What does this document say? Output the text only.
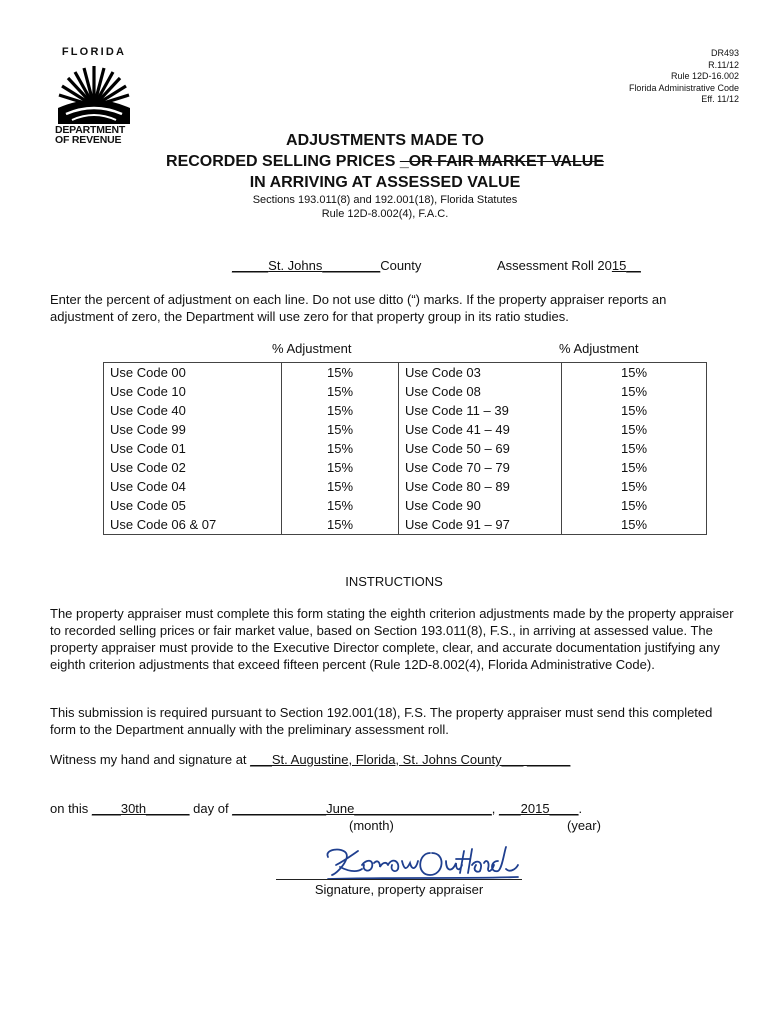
FLORIDA
DEPARTMENT
OF REVENUE
DR493
R.11/12
Rule 12D-16.002
Florida Administrative Code
Eff. 11/12
ADJUSTMENTS MADE TO
RECORDED SELLING PRICES _OR FAIR MARKET VALUE
IN ARRIVING AT ASSESSED VALUE
Sections 193.011(8) and 192.001(18), Florida Statutes
Rule 12D-8.002(4), F.A.C.
_____St. Johns________County	Assessment Roll 2015__
Enter the percent of adjustment on each line. Do not use ditto (“) marks. If the property appraiser reports an adjustment of zero, the Department will use zero for that property group in its ratio studies.
% Adjustment	% Adjustment
Use Code 00	15%	Use Code 03	15%
Use Code 10	15%	Use Code 08	15%
Use Code 40	15%	Use Code 11 – 39	15%
Use Code 99	15%	Use Code 41 – 49	15%
Use Code 01	15%	Use Code 50 – 69	15%
Use Code 02	15%	Use Code 70 – 79	15%
Use Code 04	15%	Use Code 80 – 89	15%
Use Code 05	15%	Use Code 90	15%
Use Code 06 & 07	15%	Use Code 91 – 97	15%
INSTRUCTIONS
The property appraiser must complete this form stating the eighth criterion adjustments made by the property appraiser to recorded selling prices or fair market value, based on Section 193.011(8), F.S., in arriving at assessed value. The property appraiser must provide to the Executive Director complete, clear, and accurate documentation justifying any eighth criterion adjustments that exceed fifteen percent (Rule 12D-8.002(4), Florida Administrative Code).
This submission is required pursuant to Section 192.001(18), F.S. The property appraiser must send this completed form to the Department annually with the preliminary assessment roll.
Witness my hand and signature at ___St. Augustine, Florida, St. Johns County___ ______
on this ____30th______ day of _____________June___________________, ___2015____.
(month)	(year)
Signature, property appraiser
